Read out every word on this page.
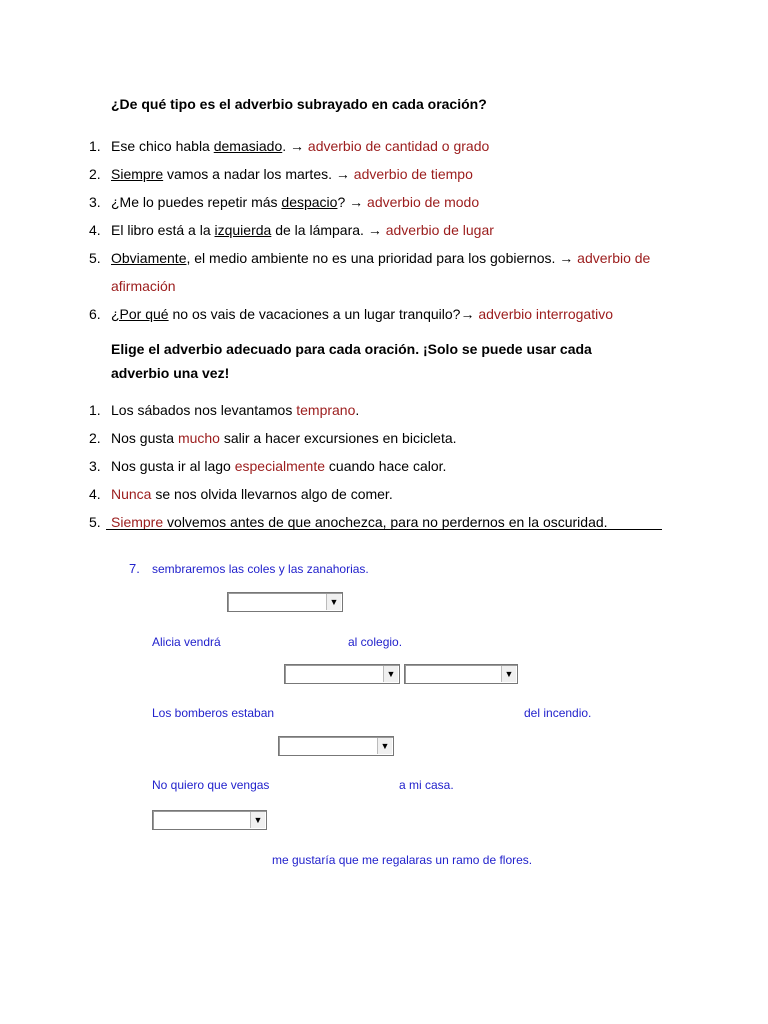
¿De qué tipo es el adverbio subrayado en cada oración?
1. Ese chico habla demasiado. → adverbio de cantidad o grado
2. Siempre vamos a nadar los martes. → adverbio de tiempo
3. ¿Me lo puedes repetir más despacio? → adverbio de modo
4. El libro está a la izquierda de la lámpara. → adverbio de lugar
5. Obviamente, el medio ambiente no es una prioridad para los gobiernos. → adverbio de afirmación
6. ¿Por qué no os vais de vacaciones a un lugar tranquilo?→ adverbio interrogativo
Elige el adverbio adecuado para cada oración. ¡Solo se puede usar cada adverbio una vez!
1. Los sábados nos levantamos temprano.
2. Nos gusta mucho salir a hacer excursiones en bicicleta.
3. Nos gusta ir al lago especialmente cuando hace calor.
4. Nunca se nos olvida llevarnos algo de comer.
5. Siempre volvemos antes de que anochezca, para no perdernos en la oscuridad.
7. sembraremos las coles y las zanahorias.
▼
Alicia vendrá	al colegio.
▼	▼
Los bomberos estaban	del incendio.
▼
No quiero que vengas	a mi casa.
▼
me gustaría que me regalaras un ramo de flores.
